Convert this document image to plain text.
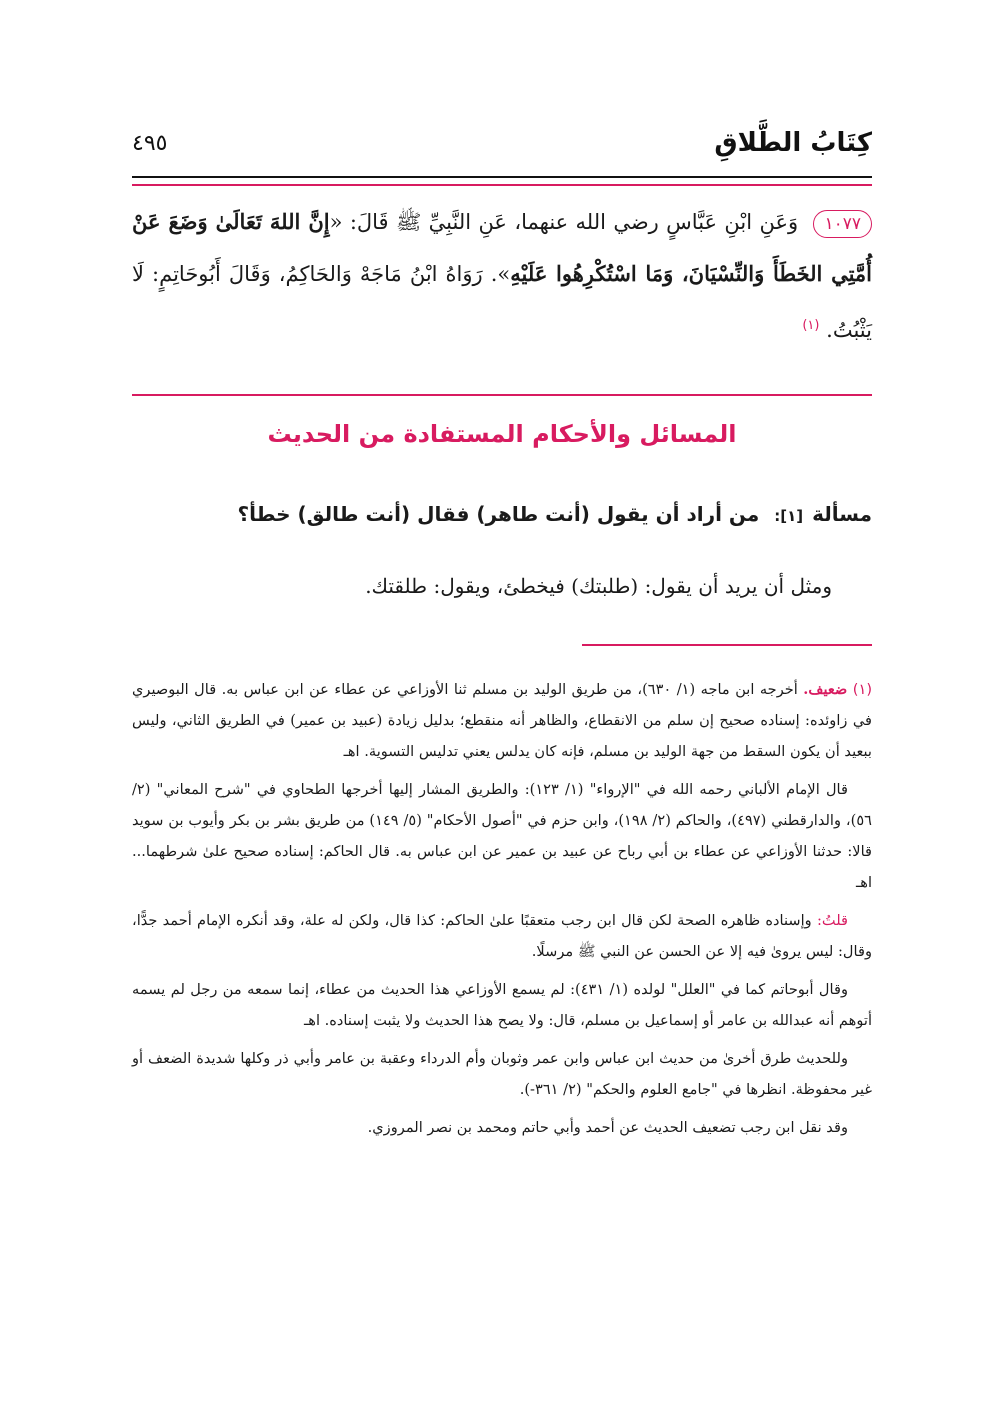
كِتَابُ الطَّلاقِ
٤٩٥
١٠٧٧ وَعَنِ ابْنِ عَبَّاسٍ رضي الله عنهما، عَنِ النَّبِيِّ ﷺ قَالَ: «إِنَّ اللهَ تَعَالَىٰ وَضَعَ عَنْ أُمَّتِي الخَطَأَ وَالنِّسْيَانَ، وَمَا اسْتُكْرِهُوا عَلَيْهِ». رَوَاهُ ابْنُ مَاجَهْ وَالحَاكِمُ، وَقَالَ أَبُوحَاتِمٍ: لَا يَثْبُتُ. $^{(١)}$
المسائل والأحكام المستفادة من الحديث
مسألة [١]: من أراد أن يقول (أنت طاهر) فقال (أنت طالق) خطأ؟
ومثل أن يريد أن يقول: (طلبتك) فيخطئ، ويقول: طلقتك.

(١) ضعيف. أخرجه ابن ماجه (١/ ٦٣٠)، من طريق الوليد بن مسلم ثنا الأوزاعي عن عطاء عن ابن عباس به. قال البوصيري في زاوئده: إسناده صحيح إن سلم من الانقطاع، والظاهر أنه منقطع؛ بدليل زيادة (عبيد بن عمير) في الطريق الثاني، وليس ببعيد أن يكون السقط من جهة الوليد بن مسلم، فإنه كان يدلس يعني تدليس التسوية. اهـ

قال الإمام الألباني رحمه الله في "الإرواء" (١/ ١٢٣): والطريق المشار إليها أخرجها الطحاوي في "شرح المعاني" (٢/ ٥٦)، والدارقطني (٤٩٧)، والحاكم (٢/ ١٩٨)، وابن حزم في "أصول الأحكام" (٥/ ١٤٩) من طريق بشر بن بكر وأيوب بن سويد قالا: حدثنا الأوزاعي عن عطاء بن أبي رباح عن عبيد بن عمير عن ابن عباس به. قال الحاكم: إسناده صحيح علىٰ شرطهما... اهـ

قلتُ: وإسناده ظاهره الصحة لكن قال ابن رجب متعقبًا علىٰ الحاكم: كذا قال، ولكن له علة، وقد أنكره الإمام أحمد جدًّا، وقال: ليس يروىٰ فيه إلا عن الحسن عن النبي ﷺ مرسلًا.

وقال أبوحاتم كما في "العلل" لولده (١/ ٤٣١): لم يسمع الأوزاعي هذا الحديث من عطاء، إنما سمعه من رجل لم يسمه أتوهم أنه عبدالله بن عامر أو إسماعيل بن مسلم، قال: ولا يصح هذا الحديث ولا يثبت إسناده. اهـ

وللحديث طرق أخرىٰ من حديث ابن عباس وابن عمر وثوبان وأم الدرداء وعقبة بن عامر وأبي ذر وكلها شديدة الضعف أو غير محفوظة. انظرها في "جامع العلوم والحكم" (٢/ ٣٦١-).

وقد نقل ابن رجب تضعيف الحديث عن أحمد وأبي حاتم ومحمد بن نصر المروزي.
